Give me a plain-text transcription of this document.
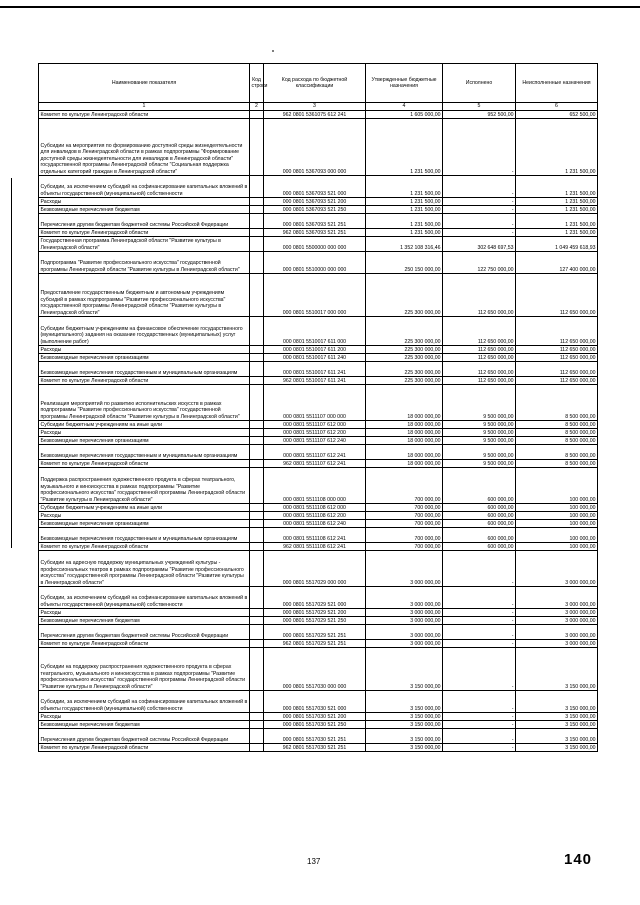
Наименование показателя	Код строки	Код расхода по бюджетной классификации	Утвержденные бюджетные назначения	Исполнено	Неисполненные назначения
1	2	3	4	5	6
Комитет по культуре Ленинградской области		962 0801 5361075 612 241	1 605 000,00	952 500,00	652 500,00
Субсидии на мероприятия по формированию доступной среды жизнедеятельности для инвалидов в Ленинградской области в рамках подпрограммы "Формирование доступной среды жизнедеятельности для инвалидов в Ленинградской области" государственной программы Ленинградской области "Социальная поддержка отдельных категорий граждан в Ленинградской области"		000 0801 5367093 000 000	1 231 500,00	-	1 231 500,00
Субсидии, за исключением субсидий на софинансирование капитальных вложений в объекты государственной (муниципальной) собственности		000 0801 5367093 521 000	1 231 500,00	-	1 231 500,00
Расходы		000 0801 5367093 521 200	1 231 500,00	-	1 231 500,00
Безвозмездные перечисления бюджетам		000 0801 5367093 521 250	1 231 500,00	-	1 231 500,00
Перечисления другим бюджетам бюджетной системы Российской Федерации		000 0801 5367093 521 251	1 231 500,00	-	1 231 500,00
Комитет по культуре Ленинградской области		962 0801 5367093 521 251	1 231 500,00	-	1 231 500,00
Государственная программа Ленинградской области "Развитие культуры в Ленинградской области"		000 0801 5500000 000 000	1 352 108 316,46	302 648 697,53	1 049 459 618,93
Подпрограмма "Развитие профессионального искусства" государственной программы Ленинградской области "Развитие культуры в Ленинградской области"		000 0801 5510000 000 000	250 150 000,00	122 750 000,00	127 400 000,00
Предоставление государственным бюджетным и автономным учреждениям субсидий в рамках подпрограммы "Развитие профессионального искусства" государственной программы Ленинградской области "Развитие культуры в Ленинградской области"		000 0801 5510017 000 000	225 300 000,00	112 650 000,00	112 650 000,00
Субсидии бюджетным учреждениям на финансовое обеспечение государственного (муниципального) задания на оказание государственных (муниципальных) услуг (выполнение работ)		000 0801 5510017 611 000	225 300 000,00	112 650 000,00	112 650 000,00
Расходы		000 0801 5510017 611 200	225 300 000,00	112 650 000,00	112 650 000,00
Безвозмездные перечисления организациям		000 0801 5510017 611 240	225 300 000,00	112 650 000,00	112 650 000,00
Безвозмездные перечисления государственным и муниципальным организациям		000 0801 5510017 611 241	225 300 000,00	112 650 000,00	112 650 000,00
Комитет по культуре Ленинградской области		962 0801 5510017 611 241	225 300 000,00	112 650 000,00	112 650 000,00
Реализация мероприятий по развитию исполнительских искусств в рамках подпрограммы "Развитие профессионального искусства" государственной программы Ленинградской области "Развитие культуры в Ленинградской области"		000 0801 5511107 000 000	18 000 000,00	9 500 000,00	8 500 000,00
Субсидии бюджетным учреждениям на иные цели		000 0801 5511107 612 000	18 000 000,00	9 500 000,00	8 500 000,00
Расходы		000 0801 5511107 612 200	18 000 000,00	9 500 000,00	8 500 000,00
Безвозмездные перечисления организациям		000 0801 5511107 612 240	18 000 000,00	9 500 000,00	8 500 000,00
Безвозмездные перечисления государственным и муниципальным организациям		000 0801 5511107 612 241	18 000 000,00	9 500 000,00	8 500 000,00
Комитет по культуре Ленинградской области		962 0801 5511107 612 241	18 000 000,00	9 500 000,00	8 500 000,00
Поддержка распространения художественного продукта в сферах театрального, музыкального и киноискусства в рамках подпрограммы "Развитие профессионального искусства" государственной программы Ленинградской области "Развитие культуры в Ленинградской области"		000 0801 5511108 000 000	700 000,00	600 000,00	100 000,00
Субсидии бюджетным учреждениям на иные цели		000 0801 5511108 612 000	700 000,00	600 000,00	100 000,00
Расходы		000 0801 5511108 612 200	700 000,00	600 000,00	100 000,00
Безвозмездные перечисления организациям		000 0801 5511108 612 240	700 000,00	600 000,00	100 000,00
Безвозмездные перечисления государственным и муниципальным организациям		000 0801 5511108 612 241	700 000,00	600 000,00	100 000,00
Комитет по культуре Ленинградской области		962 0801 5511108 612 241	700 000,00	600 000,00	100 000,00
Субсидии на адресную поддержку муниципальных учреждений культуры - профессиональных театров в рамках подпрограммы "Развитие профессионального искусства" государственной программы Ленинградской области "Развитие культуры в Ленинградской области"		000 0801 5517029 000 000	3 000 000,00	-	3 000 000,00
Субсидии, за исключением субсидий на софинансирование капитальных вложений в объекты государственной (муниципальной) собственности		000 0801 5517029 521 000	3 000 000,00	-	3 000 000,00
Расходы		000 0801 5517029 521 200	3 000 000,00	-	3 000 000,00
Безвозмездные перечисления бюджетам		000 0801 5517029 521 250	3 000 000,00	-	3 000 000,00
Перечисления другим бюджетам бюджетной системы Российской Федерации		000 0801 5517029 521 251	3 000 000,00	-	3 000 000,00
Комитет по культуре Ленинградской области		962 0801 5517029 521 251	3 000 000,00	-	3 000 000,00
Субсидии на поддержку распространения художественного продукта в сферах театрального, музыкального и киноискусства в рамках подпрограммы "Развитие профессионального искусства" государственной программы Ленинградской области "Развитие культуры в Ленинградской области"		000 0801 5517030 000 000	3 150 000,00	-	3 150 000,00
Субсидии, за исключением субсидий на софинансирование капитальных вложений в объекты государственной (муниципальной) собственности		000 0801 5517030 521 000	3 150 000,00	-	3 150 000,00
Расходы		000 0801 5517030 521 200	3 150 000,00	-	3 150 000,00
Безвозмездные перечисления бюджетам		000 0801 5517030 521 250	3 150 000,00	-	3 150 000,00
Перечисления другим бюджетам бюджетной системы Российской Федерации		000 0801 5517030 521 251	3 150 000,00	-	3 150 000,00
Комитет по культуре Ленинградской области		962 0801 5517030 521 251	3 150 000,00	-	3 150 000,00
137	140
